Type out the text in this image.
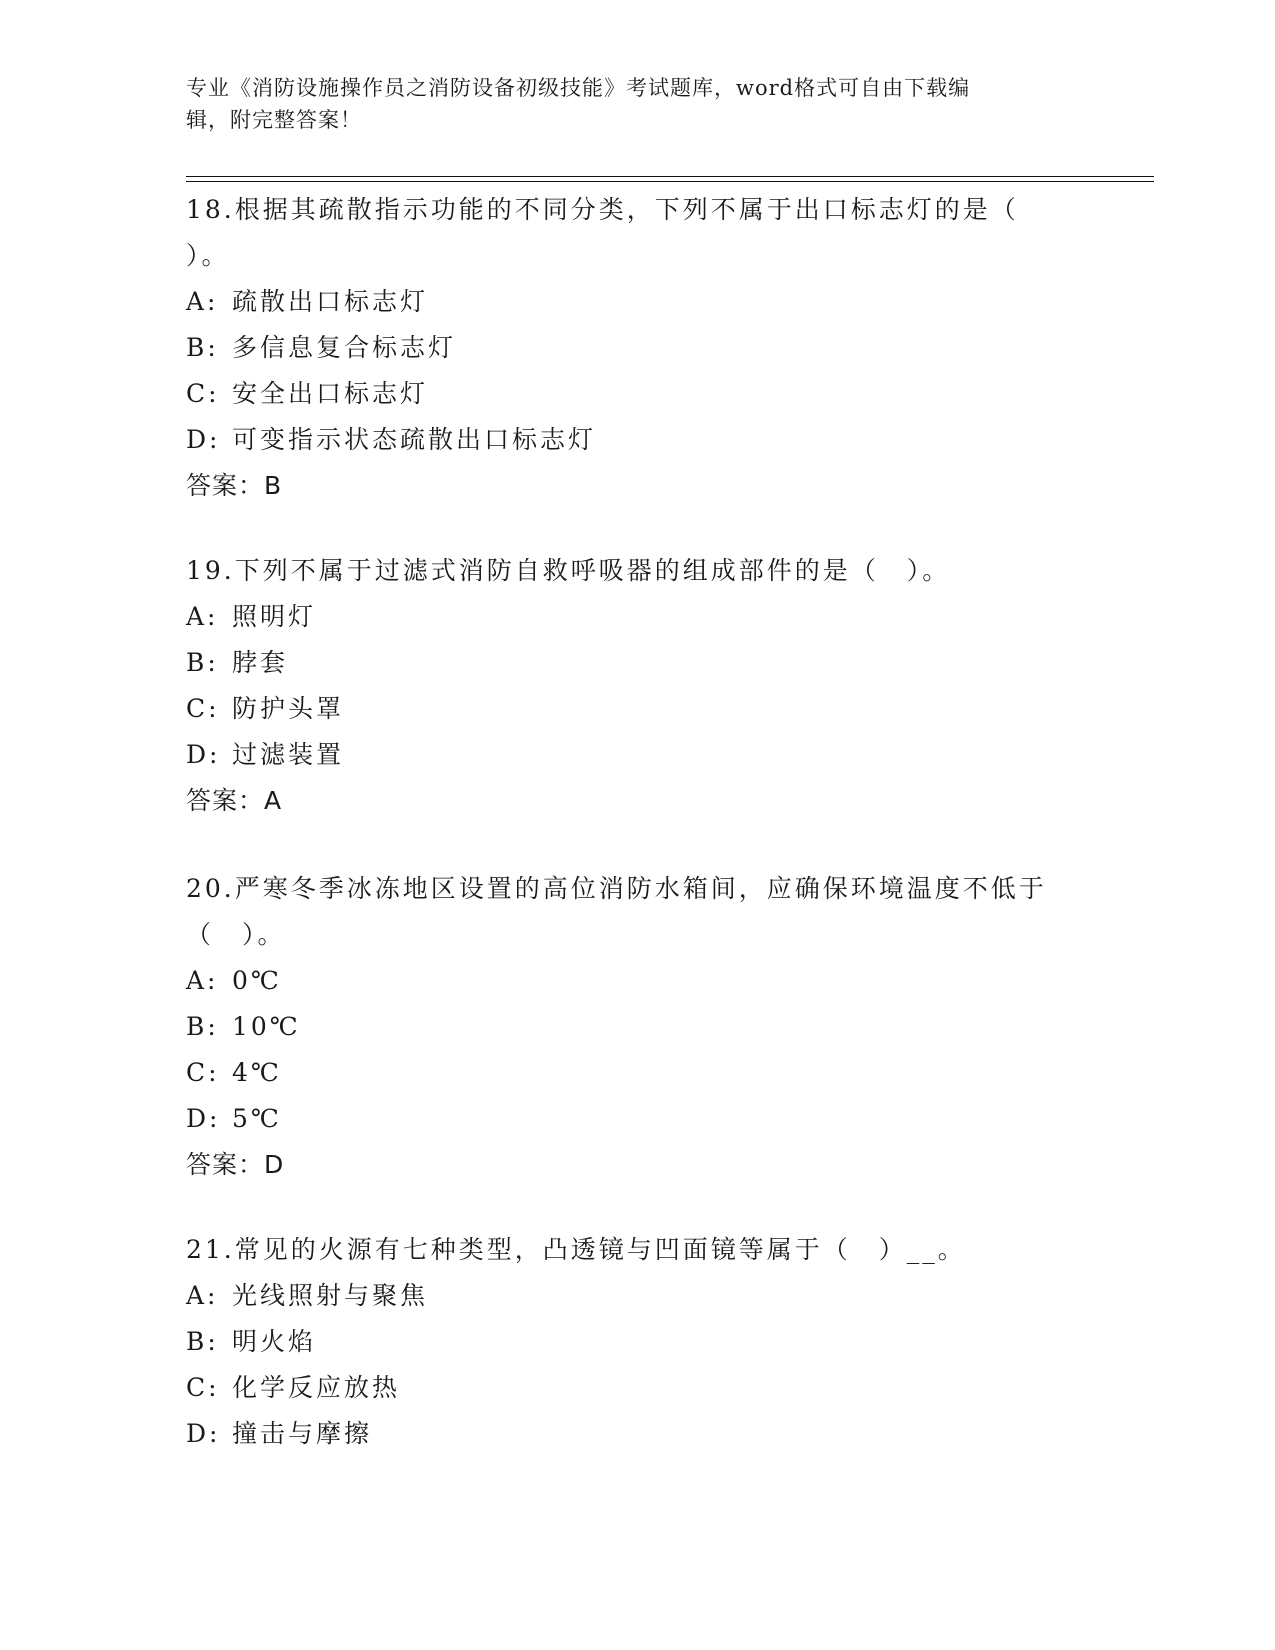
专业《消防设施操作员之消防设备初级技能》考试题库，word格式可自由下载编
辑，附完整答案！
18.根据其疏散指示功能的不同分类，下列不属于出口标志灯的是（
）。
A: 疏散出口标志灯
B: 多信息复合标志灯
C: 安全出口标志灯
D: 可变指示状态疏散出口标志灯
答案：B
19.下列不属于过滤式消防自救呼吸器的组成部件的是（　）。
A: 照明灯
B: 脖套
C: 防护头罩
D: 过滤装置
答案：A
20.严寒冬季冰冻地区设置的高位消防水箱间，应确保环境温度不低于
（　）。
A: 0℃
B: 10℃
C: 4℃
D: 5℃
答案：D
21.常见的火源有七种类型，凸透镜与凹面镜等属于（　）__。
A: 光线照射与聚焦
B: 明火焰
C: 化学反应放热
D: 撞击与摩擦
